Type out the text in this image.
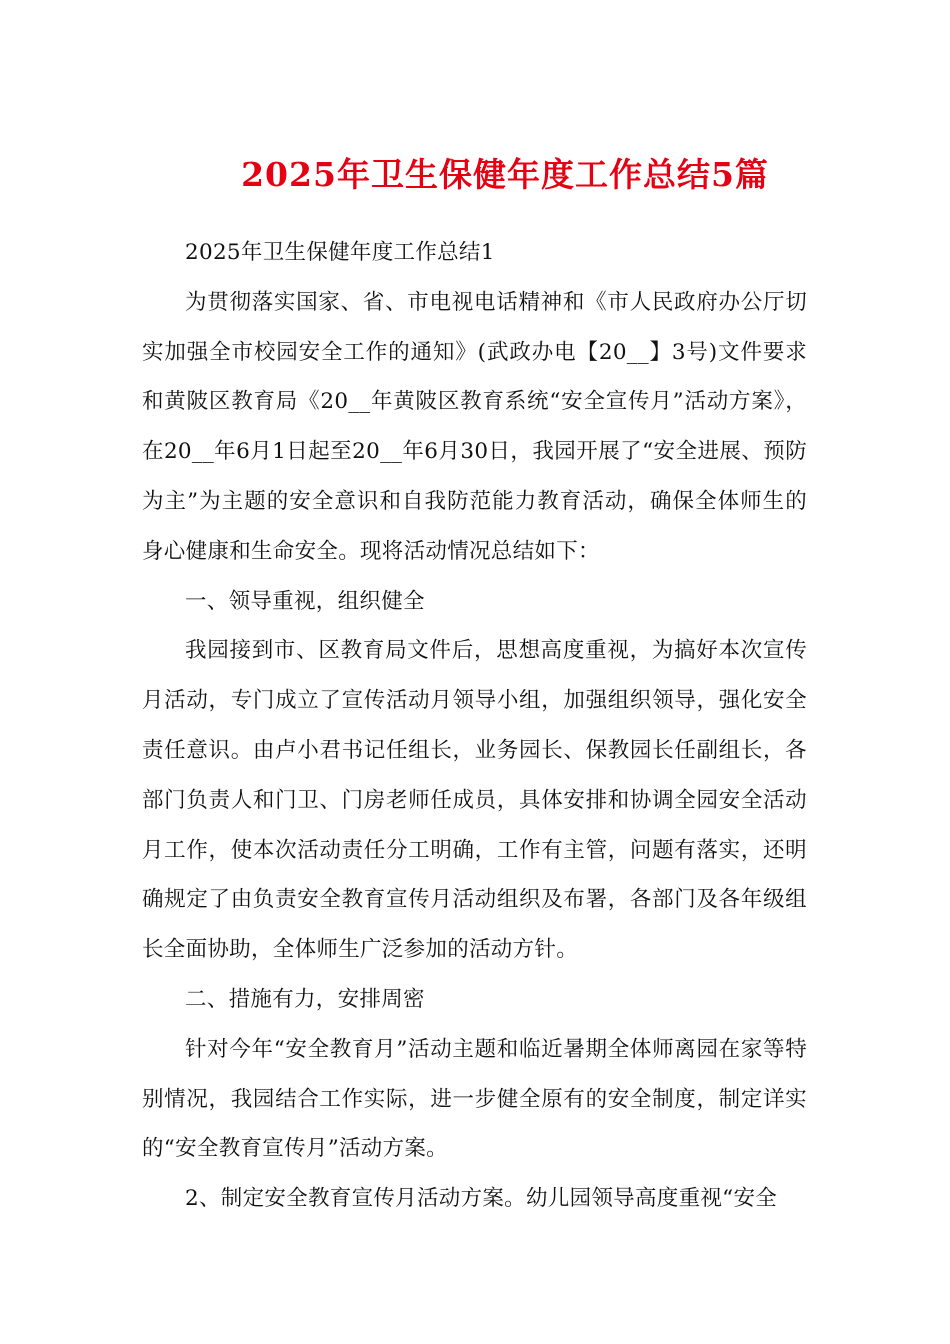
2025年卫生保健年度工作总结5篇

2025年卫生保健年度工作总结1

为贯彻落实国家、省、市电视电话精神和《市人民政府办公厅切实加强全市校园安全工作的通知》(武政办电【20__】3号)文件要求和黄陂区教育局《20__年黄陂区教育系统“安全宣传月”活动方案》，在20__年6月1日起至20__年6月30日，我园开展了“安全进展、预防为主”为主题的安全意识和自我防范能力教育活动，确保全体师生的身心健康和生命安全。现将活动情况总结如下：

一、领导重视，组织健全

我园接到市、区教育局文件后，思想高度重视，为搞好本次宣传月活动，专门成立了宣传活动月领导小组，加强组织领导，强化安全责任意识。由卢小君书记任组长，业务园长、保教园长任副组长，各部门负责人和门卫、门房老师任成员，具体安排和协调全园安全活动月工作，使本次活动责任分工明确，工作有主管，问题有落实，还明确规定了由负责安全教育宣传月活动组织及布署，各部门及各年级组长全面协助，全体师生广泛参加的活动方针。

二、措施有力，安排周密

针对今年“安全教育月”活动主题和临近暑期全体师离园在家等特别情况，我园结合工作实际，进一步健全原有的安全制度，制定详实的“安全教育宣传月”活动方案。

2、制定安全教育宣传月活动方案。幼儿园领导高度重视“安全
